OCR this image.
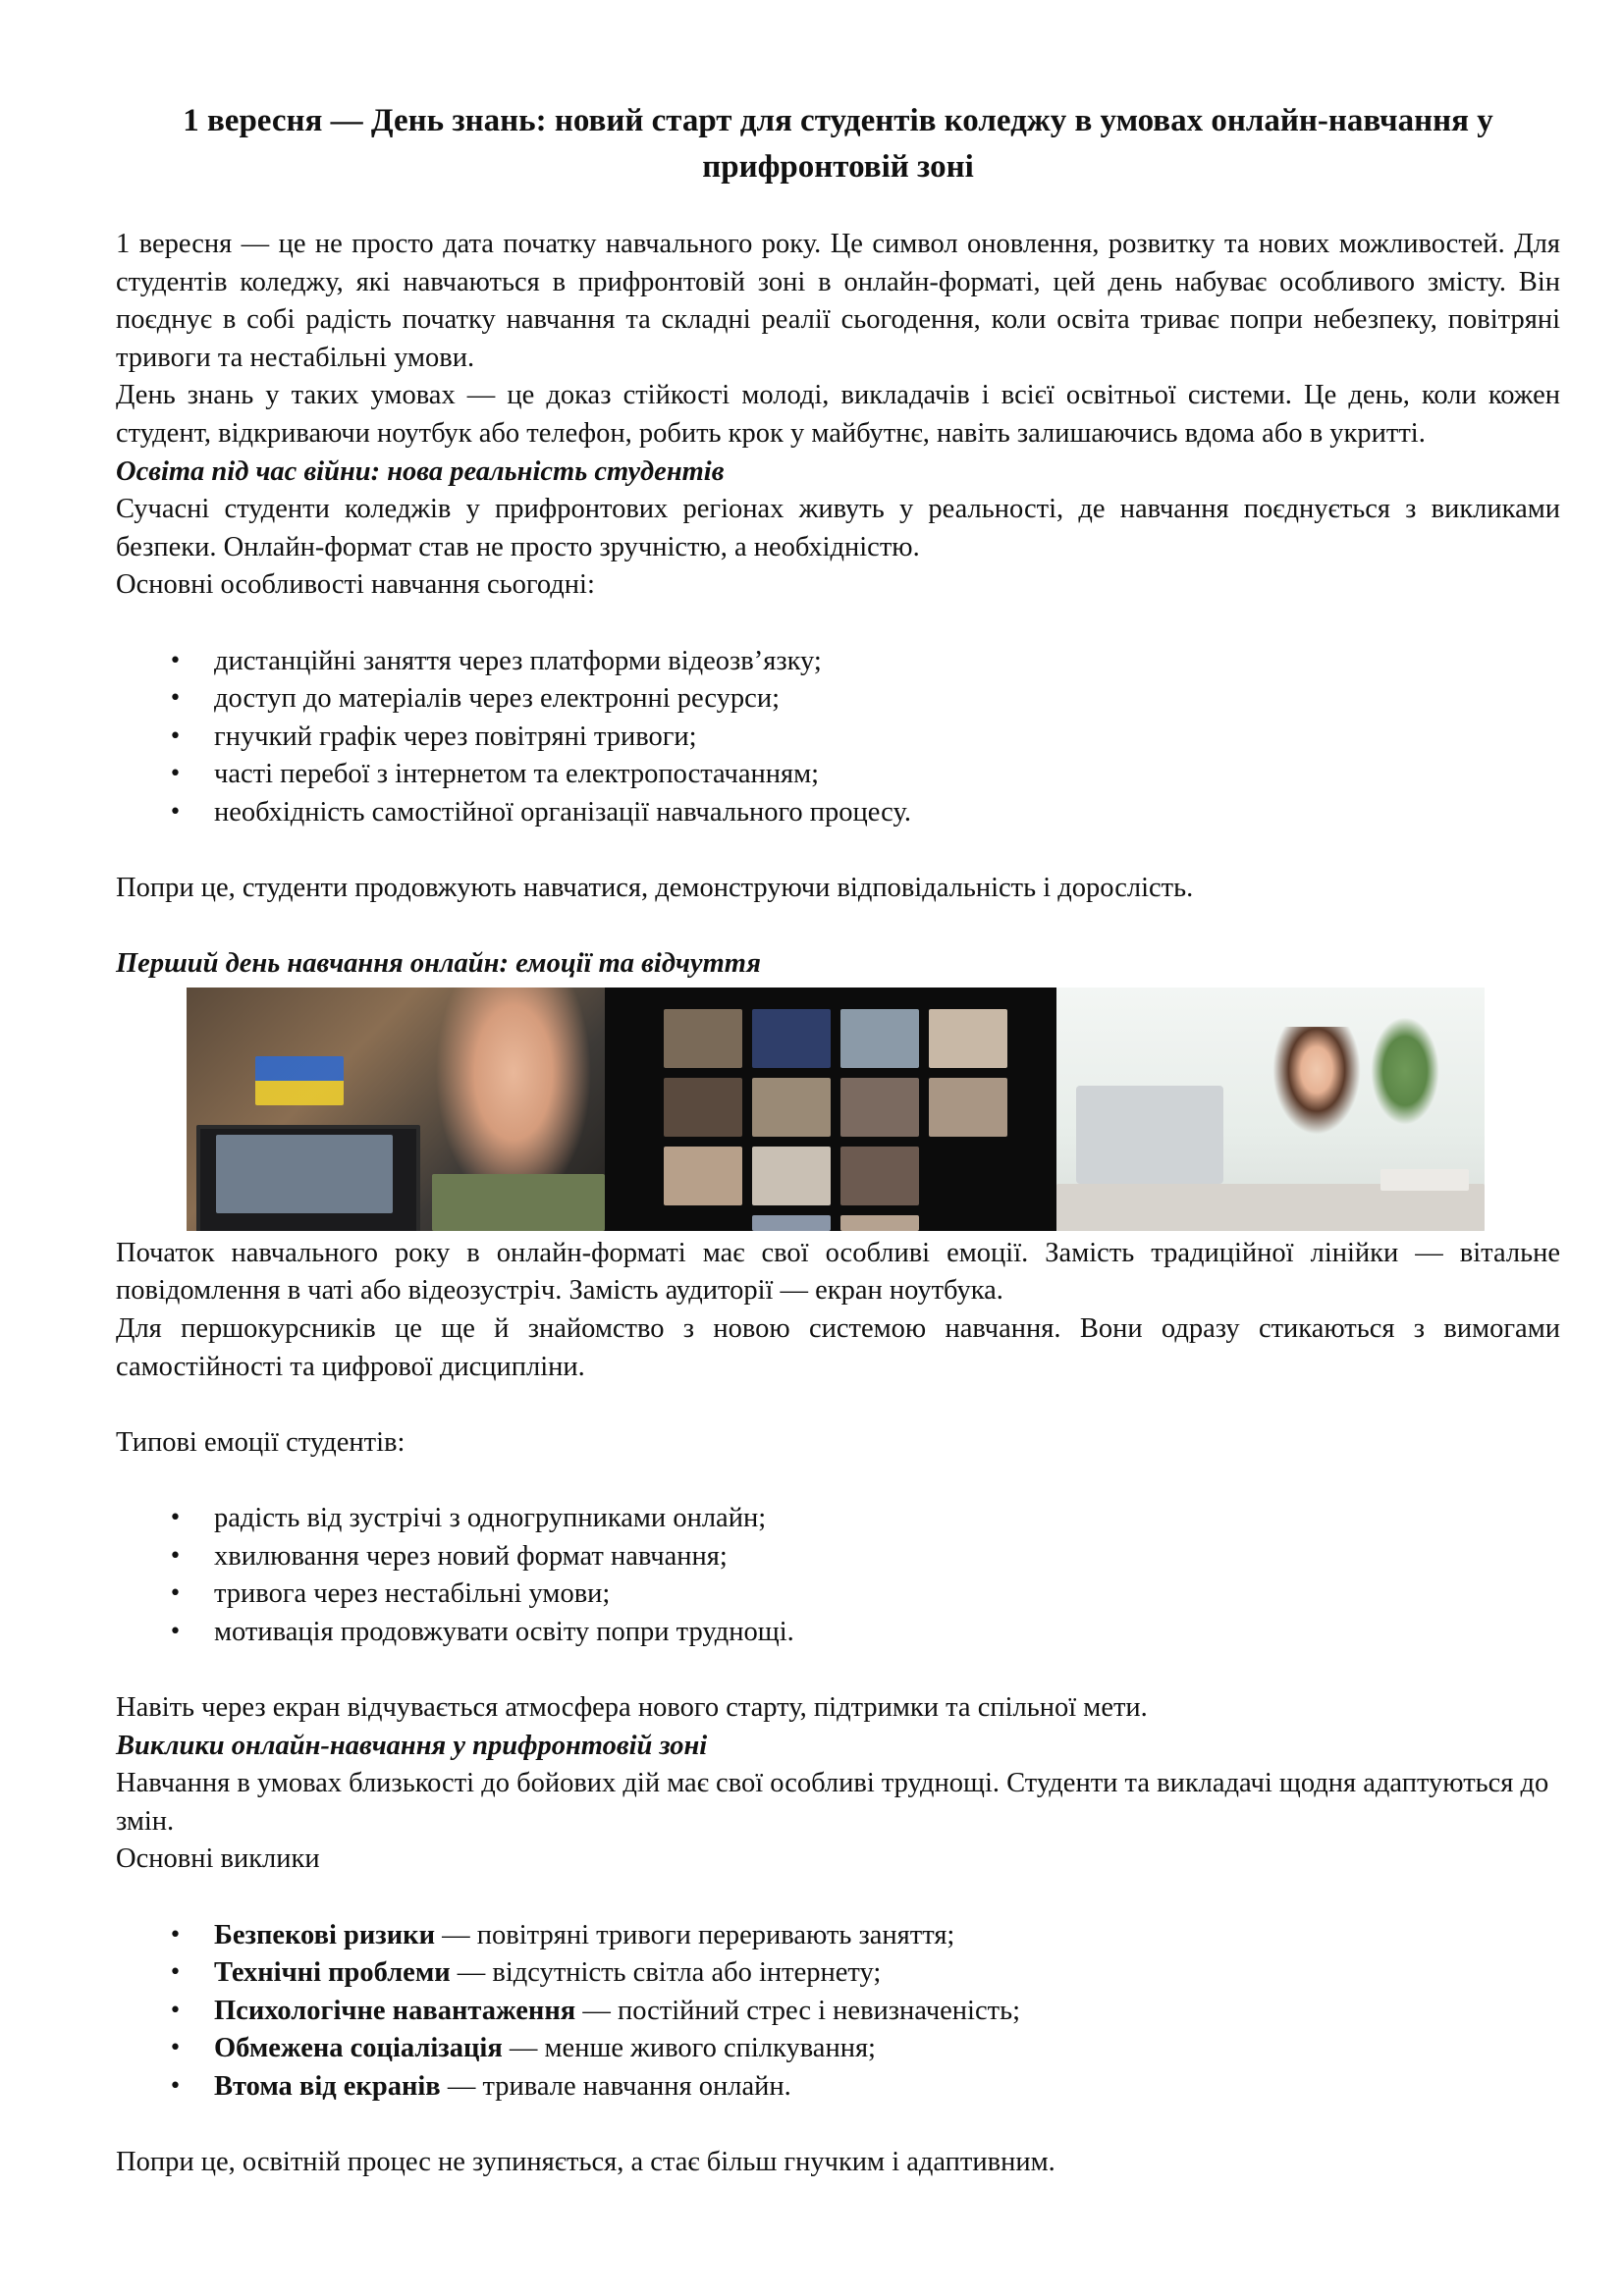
1 вересня — День знань: новий старт для студентів коледжу в умовах онлайн-навчання у прифронтовій зоні

1 вересня — це не просто дата початку навчального року. Це символ оновлення, розвитку та нових можливостей. Для студентів коледжу, які навчаються в прифронтовій зоні в онлайн-форматі, цей день набуває особливого змісту. Він поєднує в собі радість початку навчання та складні реалії сьогодення, коли освіта триває попри небезпеку, повітряні тривоги та нестабільні умови.

День знань у таких умовах — це доказ стійкості молоді, викладачів і всієї освітньої системи. Це день, коли кожен студент, відкриваючи ноутбук або телефон, робить крок у майбутнє, навіть залишаючись вдома або в укритті.

Освіта під час війни: нова реальність студентів

Сучасні студенти коледжів у прифронтових регіонах живуть у реальності, де навчання поєднується з викликами безпеки. Онлайн-формат став не просто зручністю, а необхідністю.

Основні особливості навчання сьогодні:

• дистанційні заняття через платформи відеозв’язку;
• доступ до матеріалів через електронні ресурси;
• гнучкий графік через повітряні тривоги;
• часті перебої з інтернетом та електропостачанням;
• необхідність самостійної організації навчального процесу.

Попри це, студенти продовжують навчатися, демонструючи відповідальність і дорослість.

Перший день навчання онлайн: емоції та відчуття

Початок навчального року в онлайн-форматі має свої особливі емоції. Замість традиційної лінійки — вітальне повідомлення в чаті або відеозустріч. Замість аудиторії — екран ноутбука.

Для першокурсників це ще й знайомство з новою системою навчання. Вони одразу стикаються з вимогами самостійності та цифрової дисципліни.

Типові емоції студентів:

• радість від зустрічі з одногрупниками онлайн;
• хвилювання через новий формат навчання;
• тривога через нестабільні умови;
• мотивація продовжувати освіту попри труднощі.

Навіть через екран відчувається атмосфера нового старту, підтримки та спільної мети.

Виклики онлайн-навчання у прифронтовій зоні

Навчання в умовах близькості до бойових дій має свої особливі труднощі. Студенти та викладачі щодня адаптуються до змін.

Основні виклики

• Безпекові ризики — повітряні тривоги переривають заняття;
• Технічні проблеми — відсутність світла або інтернету;
• Психологічне навантаження — постійний стрес і невизначеність;
• Обмежена соціалізація — менше живого спілкування;
• Втома від екранів — тривале навчання онлайн.

Попри це, освітній процес не зупиняється, а стає більш гнучким і адаптивним.
